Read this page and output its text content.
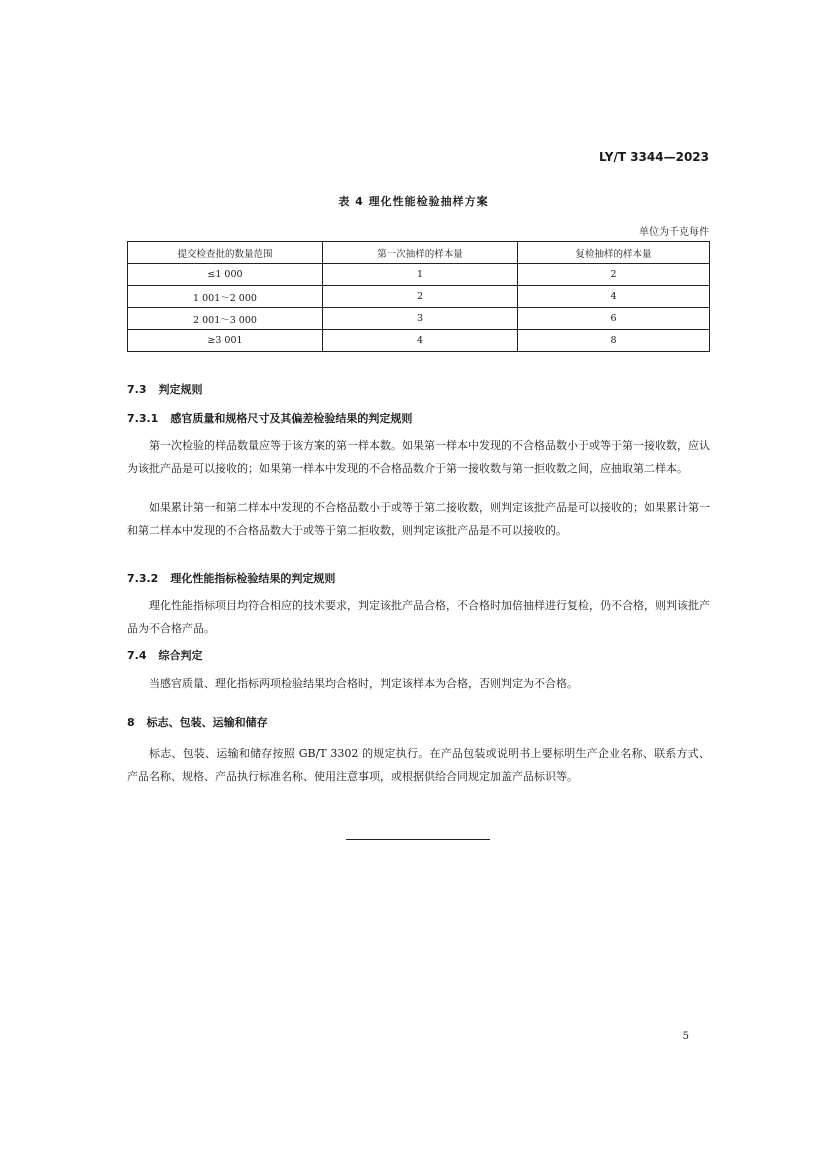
LY/T 3344—2023
表 4 理化性能检验抽样方案
单位为千克每件
提交检查批的数量范围	第一次抽样的样本量	复检抽样的样本量
≤1 000	1	2
1 001～2 000	2	4
2 001～3 000	3	6
≥3 001	4	8
7.3 判定规则
7.3.1 感官质量和规格尺寸及其偏差检验结果的判定规则

第一次检验的样品数量应等于该方案的第一样本数。如果第一样本中发现的不合格品数小于或等于第一接收数，应认为该批产品是可以接收的；如果第一样本中发现的不合格品数介于第一接收数与第一拒收数之间，应抽取第二样本。

如果累计第一和第二样本中发现的不合格品数小于或等于第二接收数，则判定该批产品是可以接收的；如果累计第一和第二样本中发现的不合格品数大于或等于第二拒收数，则判定该批产品是不可以接收的。

7.3.2 理化性能指标检验结果的判定规则

理化性能指标项目均符合相应的技术要求，判定该批产品合格，不合格时加倍抽样进行复检，仍不合格，则判该批产品为不合格产品。

7.4 综合判定

当感官质量、理化指标两项检验结果均合格时，判定该样本为合格，否则判定为不合格。

8 标志、包装、运输和储存

标志、包装、运输和储存按照 GB/T 3302 的规定执行。在产品包装或说明书上要标明生产企业名称、联系方式、产品名称、规格、产品执行标准名称、使用注意事项，或根据供给合同规定加盖产品标识等。

5
